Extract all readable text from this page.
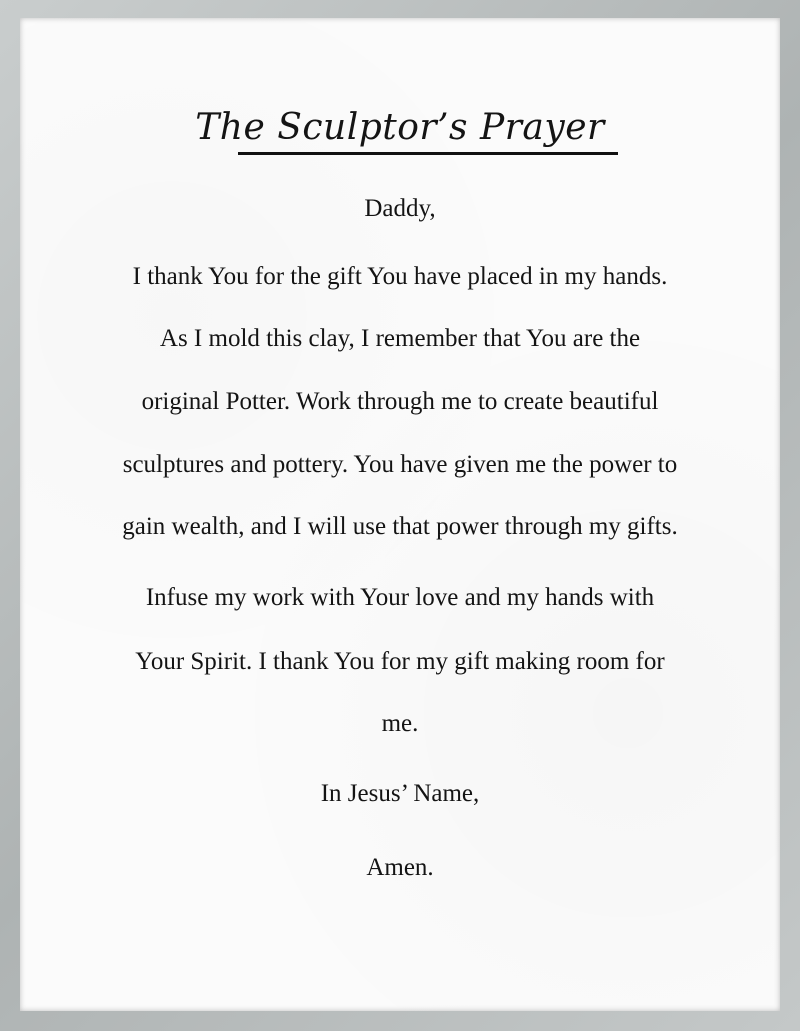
The Sculptor’s Prayer
Daddy,
I thank You for the gift You have placed in my hands.
As I mold this clay, I remember that You are the
original Potter. Work through me to create beautiful
sculptures and pottery. You have given me the power to
gain wealth, and I will use that power through my gifts.
Infuse my work with Your love and my hands with
Your Spirit. I thank You for my gift making room for
me.
In Jesus’ Name,
Amen.
